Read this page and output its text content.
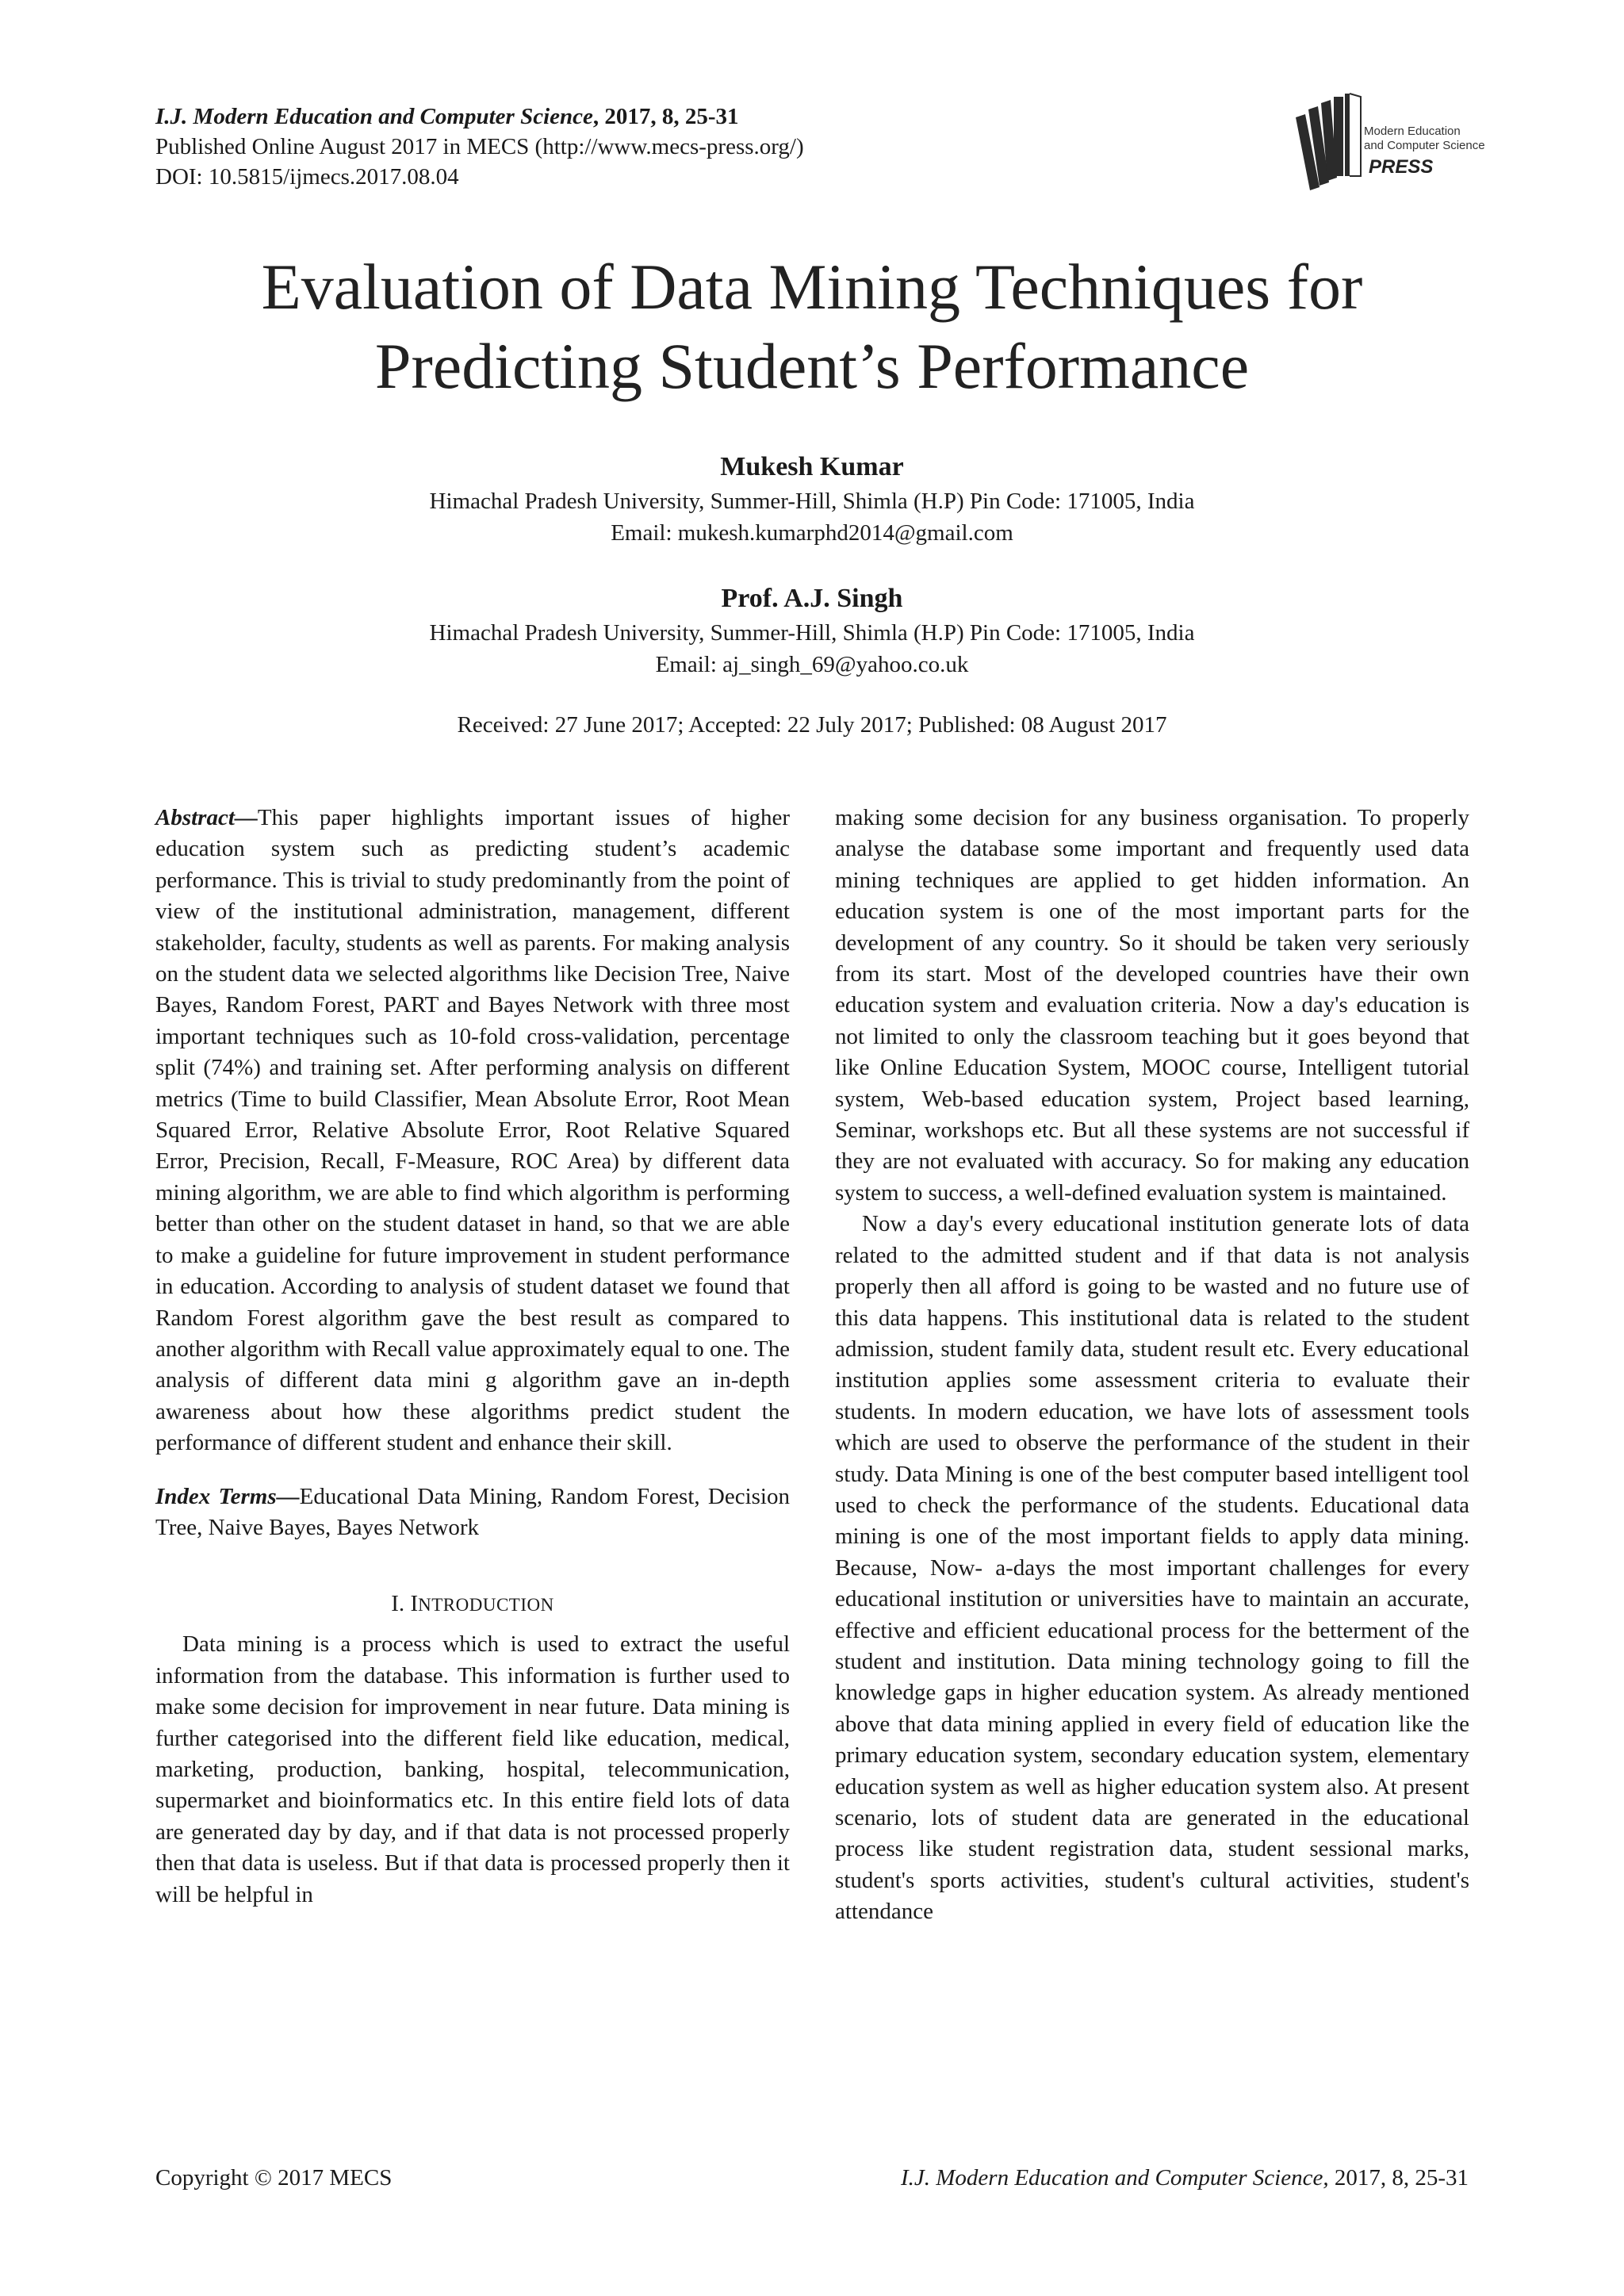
I.J. Modern Education and Computer Science, 2017, 8, 25-31
Published Online August 2017 in MECS (http://www.mecs-press.org/)
DOI: 10.5815/ijmecs.2017.08.04
Modern Education
and Computer Science
PRESS
Evaluation of Data Mining Techniques for
Predicting Student’s Performance
Mukesh Kumar
Himachal Pradesh University, Summer-Hill, Shimla (H.P) Pin Code: 171005, India
Email: mukesh.kumarphd2014@gmail.com
Prof. A.J. Singh
Himachal Pradesh University, Summer-Hill, Shimla (H.P) Pin Code: 171005, India
Email: aj_singh_69@yahoo.co.uk
Received: 27 June 2017; Accepted: 22 July 2017; Published: 08 August 2017

Abstract—This paper highlights important issues of higher education system such as predicting student’s academic performance. This is trivial to study predominantly from the point of view of the institutional administration, management, different stakeholder, faculty, students as well as parents. For making analysis on the student data we selected algorithms like Decision Tree, Naive Bayes, Random Forest, PART and Bayes Network with three most important techniques such as 10-fold cross-validation, percentage split (74%) and training set. After performing analysis on different metrics (Time to build Classifier, Mean Absolute Error, Root Mean Squared Error, Relative Absolute Error, Root Relative Squared Error, Precision, Recall, F-Measure, ROC Area) by different data mining algorithm, we are able to find which algorithm is performing better than other on the student dataset in hand, so that we are able to make a guideline for future improvement in student performance in education. According to analysis of student dataset we found that Random Forest algorithm gave the best result as compared to another algorithm with Recall value approximately equal to one. The analysis of different data mini g algorithm gave an in-depth awareness about how these algorithms predict student the performance of different student and enhance their skill.

Index Terms—Educational Data Mining, Random Forest, Decision Tree, Naive Bayes, Bayes Network

I. INTRODUCTION

Data mining is a process which is used to extract the useful information from the database. This information is further used to make some decision for improvement in near future. Data mining is further categorised into the different field like education, medical, marketing, production, banking, hospital, telecommunication, supermarket and bioinformatics etc. In this entire field lots of data are generated day by day, and if that data is not processed properly then that data is useless. But if that data is processed properly then it will be helpful in

making some decision for any business organisation. To properly analyse the database some important and frequently used data mining techniques are applied to get hidden information. An education system is one of the most important parts for the development of any country. So it should be taken very seriously from its start. Most of the developed countries have their own education system and evaluation criteria. Now a day's education is not limited to only the classroom teaching but it goes beyond that like Online Education System, MOOC course, Intelligent tutorial system, Web-based education system, Project based learning, Seminar, workshops etc. But all these systems are not successful if they are not evaluated with accuracy. So for making any education system to success, a well-defined evaluation system is maintained.

Now a day's every educational institution generate lots of data related to the admitted student and if that data is not analysis properly then all afford is going to be wasted and no future use of this data happens. This institutional data is related to the student admission, student family data, student result etc. Every educational institution applies some assessment criteria to evaluate their students. In modern education, we have lots of assessment tools which are used to observe the performance of the student in their study. Data Mining is one of the best computer based intelligent tool used to check the performance of the students. Educational data mining is one of the most important fields to apply data mining. Because, Now- a-days the most important challenges for every educational institution or universities have to maintain an accurate, effective and efficient educational process for the betterment of the student and institution. Data mining technology going to fill the knowledge gaps in higher education system. As already mentioned above that data mining applied in every field of education like the primary education system, secondary education system, elementary education system as well as higher education system also. At present scenario, lots of student data are generated in the educational process like student registration data, student sessional marks, student's sports activities, student's cultural activities, student's attendance

Copyright © 2017 MECS	I.J. Modern Education and Computer Science, 2017, 8, 25-31
